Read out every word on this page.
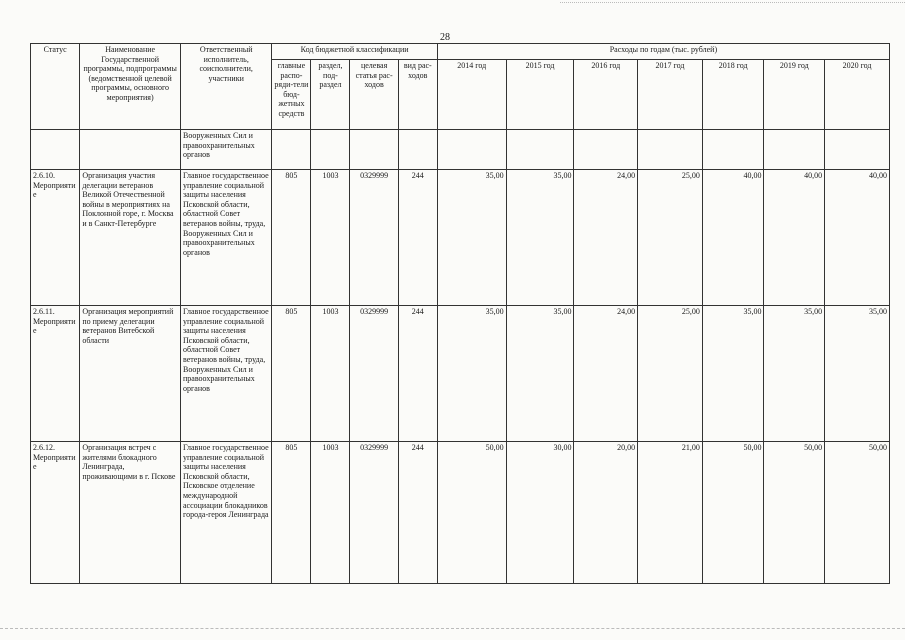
28
Статус	Наименование Государственной программы, подпрограммы (ведомственной целевой программы, основного мероприятия)	Ответственный исполнитель, соисполнители, участники	Код бюджетной классификации				Расходы по годам (тыс. рублей)						
			главные распо-ряди-тели бюд-жетных средств	раздел, под-раздел	целевая статья рас-ходов	вид рас-ходов	2014 год	2015 год	2016 год	2017 год	2018 год	2019 год	2020 год
		Вооруженных Сил и правоохранительных органов											
2.6.10. Мероприятие	Организация участия делегации ветеранов Великой Отечественной войны в мероприятиях на Поклонной горе, г. Москва и в Санкт-Петербурге	Главное государственное управление социальной защиты населения Псковской области, областной Совет ветеранов войны, труда, Вооруженных Сил и правоохранительных органов	805	1003	0329999	244	35,00	35,00	24,00	25,00	40,00	40,00	40,00
2.6.11. Мероприятие	Организация мероприятий по приему делегации ветеранов Витебской области	Главное государственное управление социальной защиты населения Псковской области, областной Совет ветеранов войны, труда, Вооруженных Сил и правоохранительных органов	805	1003	0329999	244	35,00	35,00	24,00	25,00	35,00	35,00	35,00
2.6.12. Мероприятие	Организация встреч с жителями блокадного Ленинграда, проживающими в г. Пскове	Главное государственное управление социальной защиты населения Псковской области, Псковское отделение международной ассоциации блокадников города-героя Ленинграда	805	1003	0329999	244	50,00	30,00	20,00	21,00	50,00	50,00	50,00
